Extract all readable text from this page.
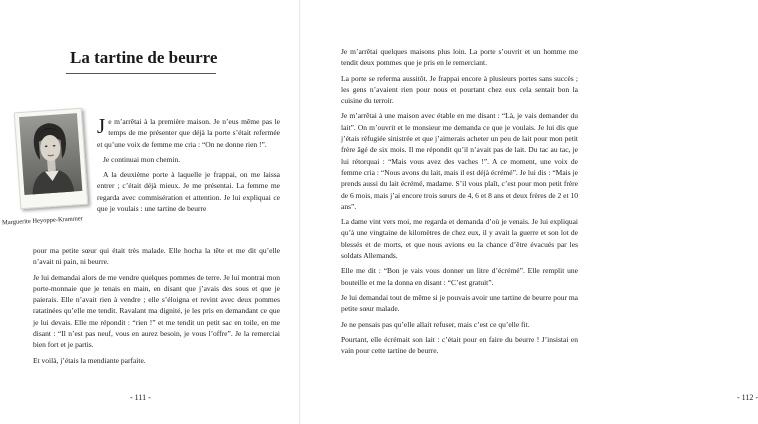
La tartine de beurre
Marguerite Heyoppe-Krammer

Je m’arrêtai à la première maison. Je n’eus même pas le temps de me présenter que déjà la porte s’était refermée et qu’une voix de femme me cria : “On ne donne rien !”.

Je continuai mon chemin.

A la deuxième porte à laquelle je frappai, on me laissa entrer ; c’était déjà mieux. Je me présentai. La femme me regarda avec commisération et attention. Je lui expliquai ce que je voulais : une tartine de beurre

pour ma petite sœur qui était très malade. Elle hocha la tête et me dit qu’elle n’avait ni pain, ni beurre.

Je lui demandai alors de me vendre quelques pommes de terre. Je lui montrai mon porte-monnaie que je tenais en main, en disant que j’avais des sous et que je paierais. Elle n’avait rien à vendre ; elle s’éloigna et revint avec deux pommes ratatinées qu’elle me tendit. Ravalant ma dignité, je les pris en demandant ce que je lui devais. Elle me répondit : “rien !” et me tendit un petit sac en toile, en me disant : “Il n’est pas neuf, vous en aurez besoin, je vous l’offre”. Je la remerciai bien fort et je partis.

Et voilà, j’étais la mendiante parfaite.

- 111 -	- 112 -

Je m’arrêtai quelques maisons plus loin. La porte s’ouvrit et un homme me tendit deux pommes que je pris en le remerciant.

La porte se referma aussitôt. Je frappai encore à plusieurs portes sans succès ; les gens n’avaient rien pour nous et pourtant chez eux cela sentait bon la cuisine du terroir.

Je m’arrêtai à une maison avec étable en me disant : “Là, je vais demander du lait”. On m’ouvrit et le monsieur me demanda ce que je voulais. Je lui dis que j’étais réfugiée sinistrée et que j’aimerais acheter un peu de lait pour mon petit frère âgé de six mois. Il me répondit qu’il n’avait pas de lait. Du tac au tac, je lui rétorquai : “Mais vous avez des vaches !”. A ce moment, une voix de femme cria : “Nous avons du lait, mais il est déjà écrémé”. Je lui dis : “Mais je prends aussi du lait écrémé, madame. S’il vous plaît, c’est pour mon petit frère de 6 mois, mais j’ai encore trois sœurs de 4, 6 et 8 ans et deux frères de 2 et 10 ans”.

La dame vint vers moi, me regarda et demanda d’où je venais. Je lui expliquai qu’à une vingtaine de kilomètres de chez eux, il y avait la guerre et son lot de blessés et de morts, et que nous avions eu la chance d’être évacués par les soldats Allemands.

Elle me dit : “Bon je vais vous donner un litre d’écrémé”. Elle remplit une bouteille et me la donna en disant : “C’est gratuit”.

Je lui demandai tout de même si je pouvais avoir une tartine de beurre pour ma petite sœur malade.

Je ne pensais pas qu’elle allait refuser, mais c’est ce qu’elle fit.

Pourtant, elle écrémait son lait : c’était pour en faire du beurre ! J’insistai en vain pour cette tartine de beurre.
